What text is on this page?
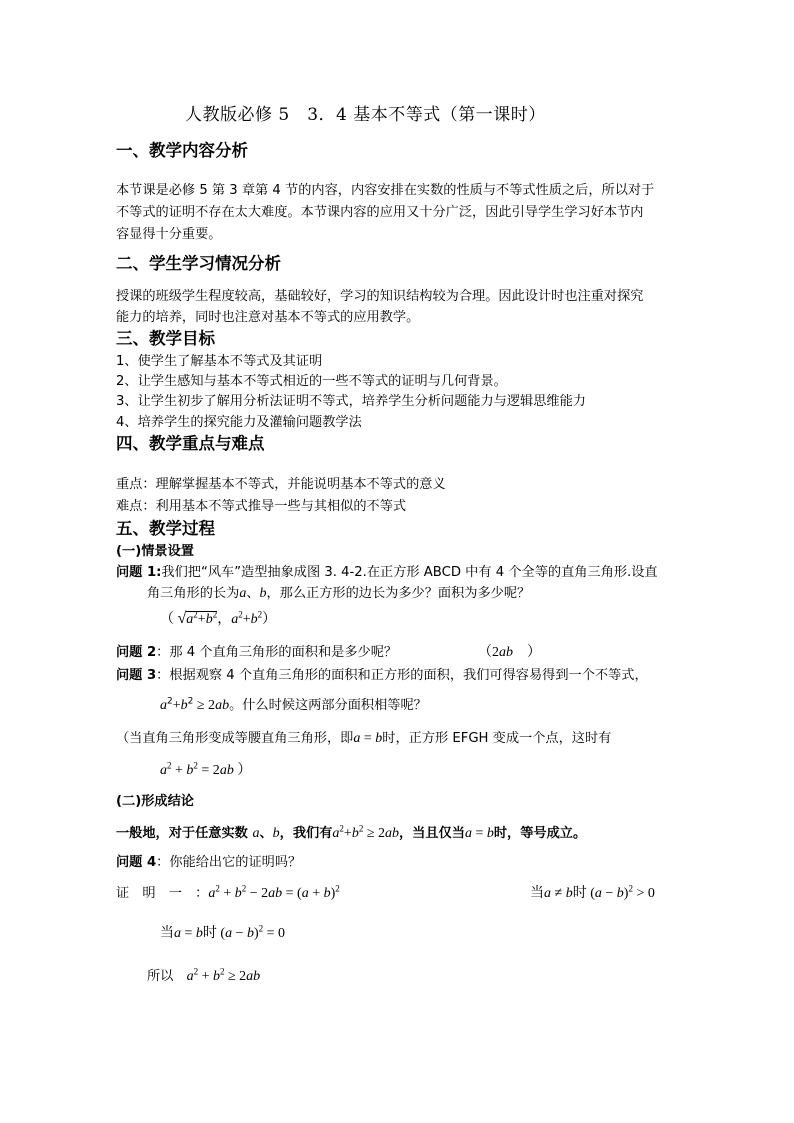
人教版必修 5　3．4 基本不等式（第一课时）
一、教学内容分析
本节课是必修 5 第 3 章第 4 节的内容，内容安排在实数的性质与不等式性质之后，所以对于
不等式的证明不存在太大难度。本节课内容的应用又十分广泛，因此引导学生学习好本节内
容显得十分重要。
二、学生学习情况分析
授课的班级学生程度较高，基础较好，学习的知识结构较为合理。因此设计时也注重对探究
能力的培养，同时也注意对基本不等式的应用教学。
三、教学目标
1、使学生了解基本不等式及其证明
2、让学生感知与基本不等式相近的一些不等式的证明与几何背景。
3、让学生初步了解用分析法证明不等式，培养学生分析问题能力与逻辑思维能力
4、培养学生的探究能力及灌输问题教学法
四、教学重点与难点
重点：理解掌握基本不等式，并能说明基本不等式的意义
难点：利用基本不等式推导一些与其相似的不等式
五、教学过程
(一)情景设置
问题 1:我们把“风车”造型抽象成图 3. 4-2.在正方形 ABCD 中有 4 个全等的直角三角形.设直
角三角形的长为a、b，那么正方形的边长为多少？面积为多少呢？
（ $√a^2+b^2$，$a^2+b^2$）
问题 2：那 4 个直角三角形的面积和是多少呢？	（2ab　）
问题 3：根据观察 4 个直角三角形的面积和正方形的面积，我们可得容易得到一个不等式，
$a^2+b^2 \ge 2ab$。什么时候这两部分面积相等呢？
（当直角三角形变成等腰直角三角形，即a = b时，正方形 EFGH 变成一个点，这时有
$a^2 + b^2 = 2ab$ ）
(二)形成结论
一般地，对于任意实数 a、b，我们有$a^2+b^2 \ge 2ab$，当且仅当a = b时，等号成立。
问题 4：你能给出它的证明吗？
证　明　一　：$a^2 + b^2 - 2ab = (a + b)^2$	当a ≠ b时 $(a - b)^2 > 0$
当a = b时 $(a - b)^2 = 0$
所以　 $a^2 + b^2 \ge 2ab$
